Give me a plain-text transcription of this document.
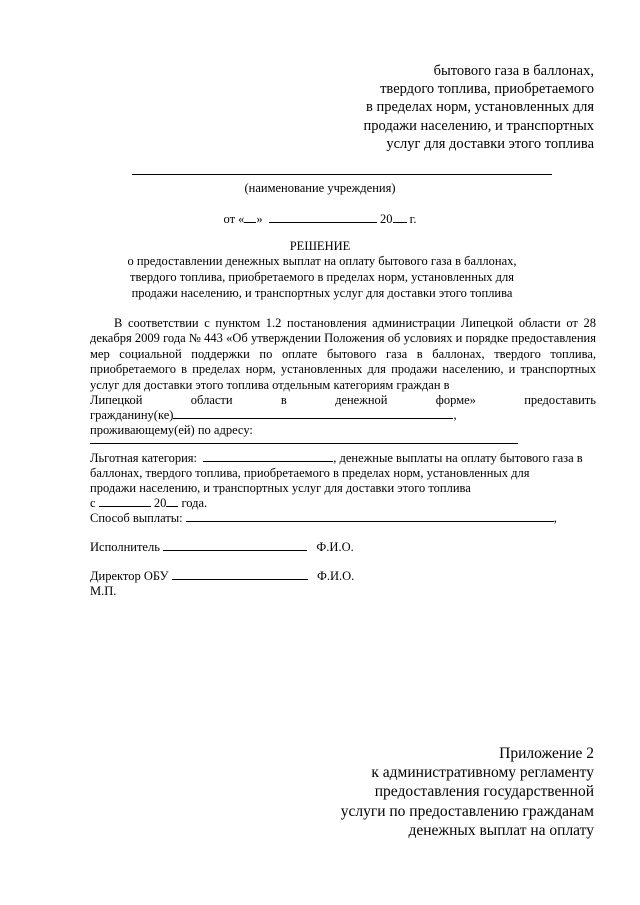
бытового газа в баллонах,
твердого топлива, приобретаемого
в пределах норм, установленных для
продажи населению, и транспортных
услуг для доставки этого топлива
(наименование учреждения)
от « »	20 г.
РЕШЕНИЕ
о предоставлении денежных выплат на оплату бытового газа в баллонах, твердого топлива, приобретаемого в пределах норм, установленных для продажи населению, и транспортных услуг для доставки этого топлива
В соответствии с пунктом 1.2 постановления администрации Липецкой области от 28 декабря 2009 года № 443 «Об утверждении Положения об условиях и порядке предоставления мер социальной поддержки по оплате бытового газа в баллонах, твердого топлива, приобретаемого в пределах норм, установленных для продажи населению, и транспортных услуг для доставки этого топлива отдельным категориям граждан в
Липецкой	области	в	денежной	форме»	предоставить
гражданину(ке)	,
проживающему(ей) по адресу:
Льготная категория:	, денежные выплаты на оплату бытового газа в
баллонах, твердого топлива, приобретаемого в пределах норм, установленных для
продажи населению, и транспортных услуг для доставки этого топлива
с	20 года.
Способ выплаты:	,
Исполнитель	Ф.И.О.
Директор ОБУ	Ф.И.О.
М.П.
Приложение 2
к административному регламенту
предоставления государственной
услуги по предоставлению гражданам
денежных выплат на оплату
